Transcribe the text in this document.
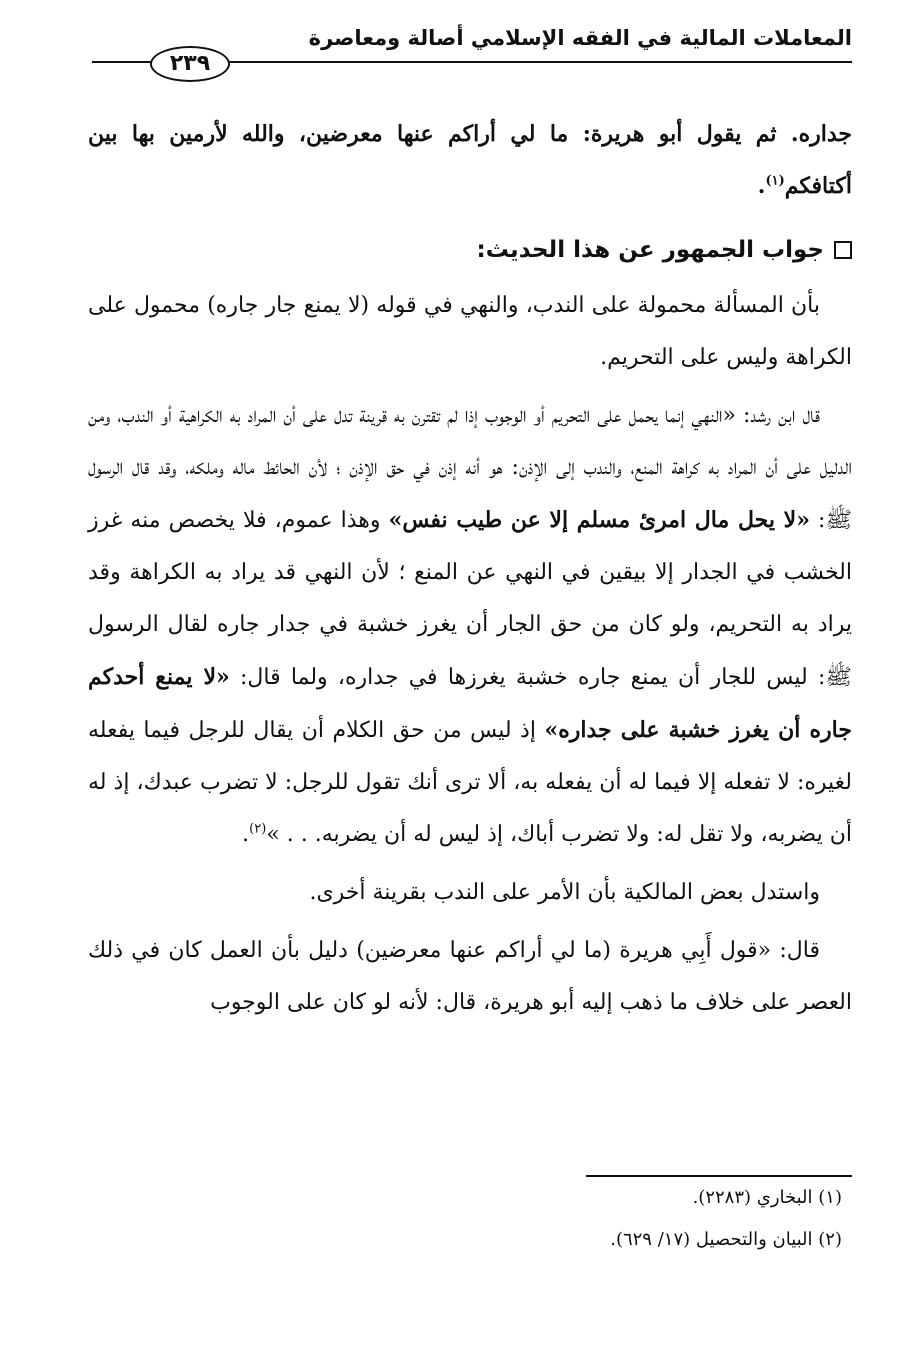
المعاملات المالية في الفقه الإسلامي أصالة ومعاصرة
٢٣٩

جداره. ثم يقول أبو هريرة: ما لي أراكم عنها معرضين، والله لأرمين بها بين أكتافكم$^{(١)}$.

جواب الجمهور عن هذا الحديث:

بأن المسألة محمولة على الندب، والنهي في قوله (لا يمنع جار جاره) محمول على الكراهة وليس على التحريم.

قال ابن رشد: «النهي إنما يحمل على التحريم أو الوجوب إذا لم تقترن به قرينة تدل على أن المراد به الكراهية أو الندب، ومن الدليل على أن المراد به كراهة المنع، والندب إلى الإذن: هو أنه إذن في حق الإذن ؛ لأن الحائط ماله وملكه، وقد قال الرسول ﷺ: «لا يحل مال امرئ مسلم إلا عن طيب نفس» وهذا عموم، فلا يخصص منه غرز الخشب في الجدار إلا بيقين في النهي عن المنع ؛ لأن النهي قد يراد به الكراهة وقد يراد به التحريم، ولو كان من حق الجار أن يغرز خشبة في جدار جاره لقال الرسول ﷺ: ليس للجار أن يمنع جاره خشبة يغرزها في جداره، ولما قال: «لا يمنع أحدكم جاره أن يغرز خشبة على جداره» إذ ليس من حق الكلام أن يقال للرجل فيما يفعله لغيره: لا تفعله إلا فيما له أن يفعله به، ألا ترى أنك تقول للرجل: لا تضرب عبدك، إذ له أن يضربه، ولا تقل له: ولا تضرب أباك، إذ ليس له أن يضربه. . . »$^{(٢)}$.

واستدل بعض المالكية بأن الأمر على الندب بقرينة أخرى.

قال: «قول أَبِي هريرة (ما لي أراكم عنها معرضين) دليل بأن العمل كان في ذلك العصر على خلاف ما ذهب إليه أبو هريرة، قال: لأنه لو كان على الوجوب

(١) البخاري (٢٢٨٣).

(٢) البيان والتحصيل (١٧/ ٦٢٩).
